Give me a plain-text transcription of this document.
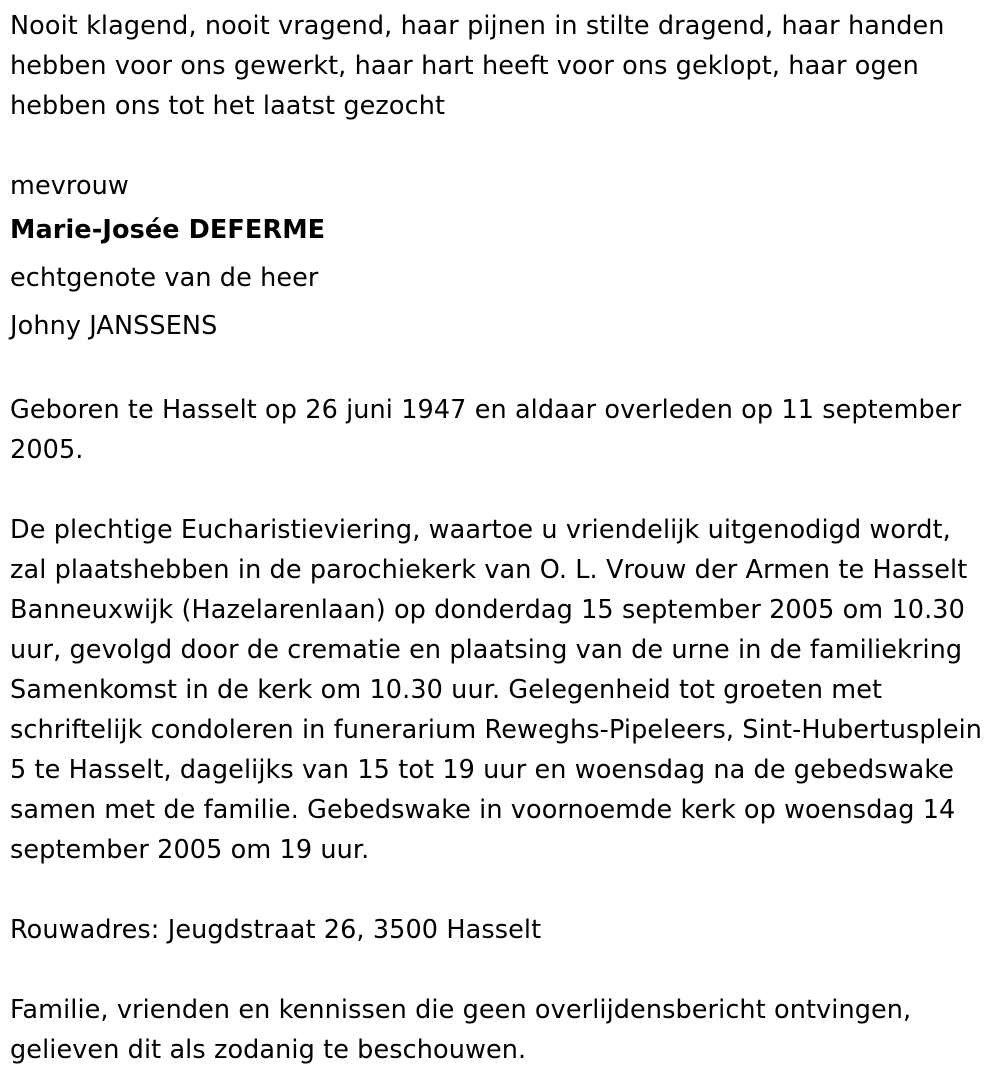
Nooit klagend, nooit vragend, haar pijnen in stilte dragend, haar handen hebben voor ons gewerkt, haar hart heeft voor ons geklopt, haar ogen hebben ons tot het laatst gezocht

mevrouw

Marie-Josée DEFERME

echtgenote van de heer

Johny JANSSENS

Geboren te Hasselt op 26 juni 1947 en aldaar overleden op 11 september 2005.

De plechtige Eucharistieviering, waartoe u vriendelijk uitgenodigd wordt, zal plaatshebben in de parochiekerk van O. L. Vrouw der Armen te Hasselt Banneuxwijk (Hazelarenlaan) op donderdag 15 september 2005 om 10.30 uur, gevolgd door de crematie en plaatsing van de urne in de familiekring Samenkomst in de kerk om 10.30 uur. Gelegenheid tot groeten met schriftelijk condoleren in funerarium Reweghs-Pipeleers, Sint-Hubertusplein 5 te Hasselt, dagelijks van 15 tot 19 uur en woensdag na de gebedswake samen met de familie. Gebedswake in voornoemde kerk op woensdag 14 september 2005 om 19 uur.

Rouwadres: Jeugdstraat 26, 3500 Hasselt

Familie, vrienden en kennissen die geen overlijdensbericht ontvingen, gelieven dit als zodanig te beschouwen.
